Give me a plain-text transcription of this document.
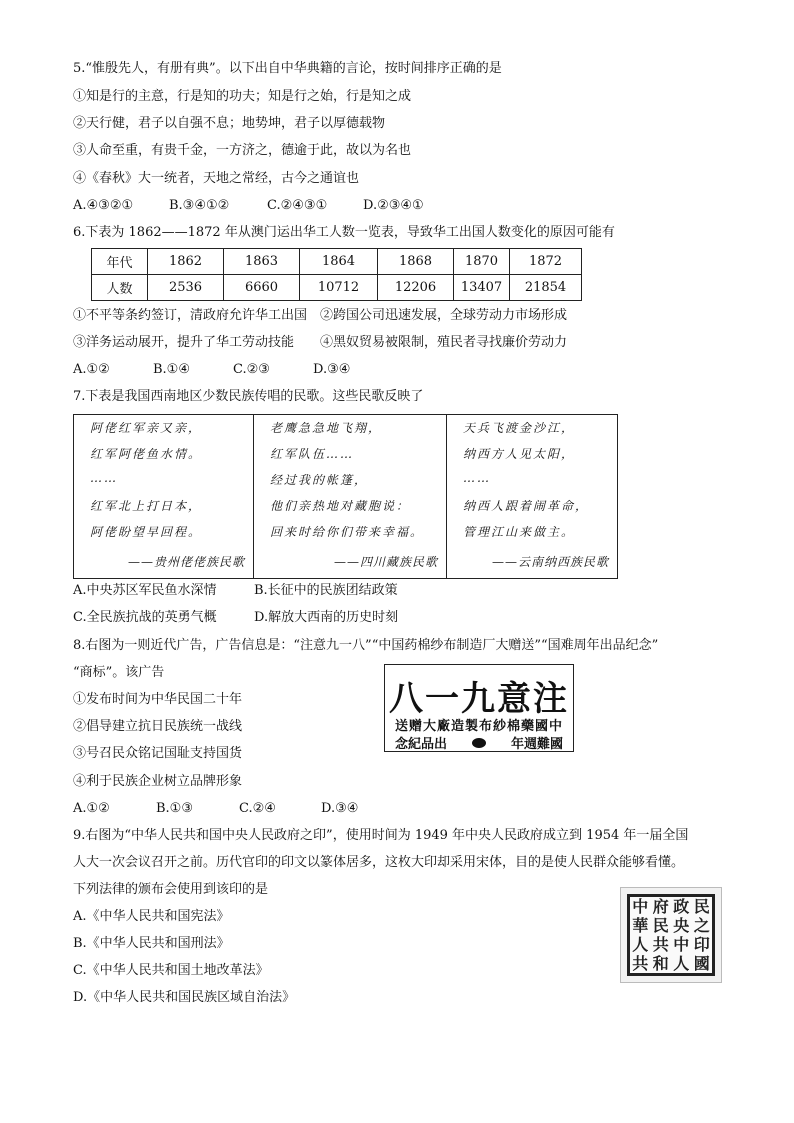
5.“惟殷先人，有册有典”。以下出自中华典籍的言论，按时间排序正确的是
①知是行的主意，行是知的功夫；知是行之始，行是知之成
②天行健，君子以自强不息；地势坤，君子以厚德载物
③人命至重，有贵千金，一方济之，德逾于此，故以为名也
④《春秋》大一统者，天地之常经，古今之通谊也
A.④③②①	B.③④①②	C.②④③①	D.②③④①
6.下表为 1862——1872 年从澳门运出华工人数一览表，导致华工出国人数变化的原因可能有
年代	1862	1863	1864	1868	1870	1872
人数	2536	6660	10712	12206	13407	21854
①不平等条约签订，清政府允许华工出国　②跨国公司迅速发展，全球劳动力市场形成
③洋务运动展开，提升了华工劳动技能　　④黑奴贸易被限制，殖民者寻找廉价劳动力
A.①②	B.①④	C.②③	D.③④
7.下表是我国西南地区少数民族传唱的民歌。这些民歌反映了
阿佬红军亲又亲，
红军阿佬鱼水情。
……
红军北上打日本，
阿佬盼望早回程。
——贵州佬佬族民歌
老鹰急急地飞翔，
红军队伍……
经过我的帐篷，
他们亲热地对藏胞说：
回来时给你们带来幸福。
——四川藏族民歌
天兵飞渡金沙江，
纳西方人见太阳，
……
纳西人跟着闹革命，
管理江山来做主。
——云南纳西族民歌
A.中央苏区军民鱼水深情	B.长征中的民族团结政策
C.全民族抗战的英勇气概	D.解放大西南的历史时刻
8.右图为一则近代广告，广告信息是：“注意九一八”“中国药棉纱布制造厂大赠送”“国难周年出品纪念”
“商标”。该广告
①发布时间为中华民国二十年
②倡导建立抗日民族统一战线
③号召民众铭记国耻支持国货
④利于民族企业树立品牌形象
A.①②	B.①③	C.②④	D.③④
八一九意注
送赠大廠造製布紗棉藥國中
念紀品出	年週難國
9.右图为“中华人民共和国中央人民政府之印”，使用时间为 1949 年中央人民政府成立到 1954 年一届全国
人大一次会议召开之前。历代官印的印文以篆体居多，这枚大印却采用宋体，目的是使人民群众能够看懂。
下列法律的颁布会使用到该印的是
A.《中华人民共和国宪法》
B.《中华人民共和国刑法》
C.《中华人民共和国土地改革法》
D.《中华人民共和国民族区域自治法》
中 府 政 民
華 民 央 之
人 共 中 印
共 和 人 國
